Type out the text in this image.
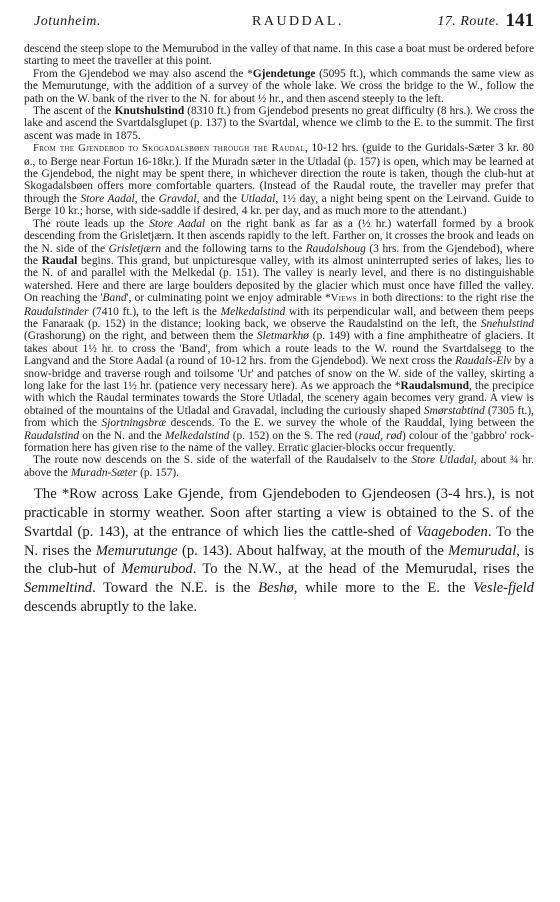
Jotunheim.	RAUDDAL.	17. Route. 141

descend the steep slope to the Memurubod in the valley of that name. In this case a boat must be ordered before starting to meet the traveller at this point.

From the Gjendebod we may also ascend the *Gjendetunge (5095 ft.), which commands the same view as the Memurutunge, with the addition of a survey of the whole lake. We cross the bridge to the W., follow the path on the W. bank of the river to the N. for about ½ hr., and then ascend steeply to the left.

The ascent of the Knutshulstind (8310 ft.) from Gjendebod presents no great difficulty (8 hrs.). We cross the lake and ascend the Svartdalsglupet (p. 137) to the Svartdal, whence we climb to the E. to the summit. The first ascent was made in 1875.

From the Gjendebod to Skogadalsbøen through the Raudal, 10-12 hrs. (guide to the Guridals-Sæter 3 kr. 80 ø., to Berge near Fortun 16-18kr.). If the Muradn sæter in the Utladal (p. 157) is open, which may be learned at the Gjendebod, the night may be spent there, in whichever direction the route is taken, though the club-hut at Skogadalsbøen offers more comfortable quarters. (Instead of the Raudal route, the traveller may prefer that through the Store Aadal, the Gravdal, and the Utladal, 1½ day, a night being spent on the Leirvand. Guide to Berge 10 kr.; horse, with side-saddle if desired, 4 kr. per day, and as much more to the attendant.)

The route leads up the Store Aadal on the right bank as far as a (½ hr.) waterfall formed by a brook descending from the Grisletjærn. It then ascends rapidly to the left. Farther on, it crosses the brook and leads on the N. side of the Grisletjærn and the following tarns to the Raudalshoug (3 hrs. from the Gjendebod), where the Raudal begins. This grand, but unpicturesque valley, with its almost uninterrupted series of lakes, lies to the N. of and parallel with the Melkedal (p. 151). The valley is nearly level, and there is no distinguishable watershed. Here and there are large boulders deposited by the glacier which must once have filled the valley. On reaching the 'Band', or culminating point we enjoy admirable *Views in both directions: to the right rise the Raudalstinder (7410 ft.), to the left is the Melkedalstind with its perpendicular wall, and between them peeps the Fanaraak (p. 152) in the distance; looking back, we observe the Raudalstind on the left, the Snehulstind (Grashorung) on the right, and between them the Sletmarkhø (p. 149) with a fine amphitheatre of glaciers. It takes about 1½ hr. to cross the 'Band', from which a route leads to the W. round the Svartdalsegg to the Langvand and the Store Aadal (a round of 10-12 hrs. from the Gjendebod). We next cross the Raudals-Elv by a snow-bridge and traverse rough and toilsome 'Ur' and patches of snow on the W. side of the valley, skirting a long lake for the last 1½ hr. (patience very necessary here). As we approach the *Raudalsmund, the precipice with which the Raudal terminates towards the Store Utladal, the scenery again becomes very grand. A view is obtained of the mountains of the Utladal and Gravadal, including the curiously shaped Smørstabtind (7305 ft.), from which the Sjortningsbræ descends. To the E. we survey the whole of the Rauddal, lying between the Raudalstind on the N. and the Melkedalstind (p. 152) on the S. The red (raud, rød) colour of the 'gabbro' rock-formation here has given rise to the name of the valley. Erratic glacier-blocks occur frequently.

The route now descends on the S. side of the waterfall of the Raudalselv to the Store Utladal, about ¾ hr. above the Muradn-Sæter (p. 157).

The *Row across Lake Gjende, from Gjendeboden to Gjendeosen (3-4 hrs.), is not practicable in stormy weather. Soon after starting a view is obtained to the S. of the Svartdal (p. 143), at the entrance of which lies the cattle-shed of Vaageboden. To the N. rises the Memurutunge (p. 143). About halfway, at the mouth of the Memurudal, is the club-hut of Memurubod. To the N.W., at the head of the Memurudal, rises the Semmeltind. Toward the N.E. is the Beshø, while more to the E. the Vesle-fjeld descends abruptly to the lake.
